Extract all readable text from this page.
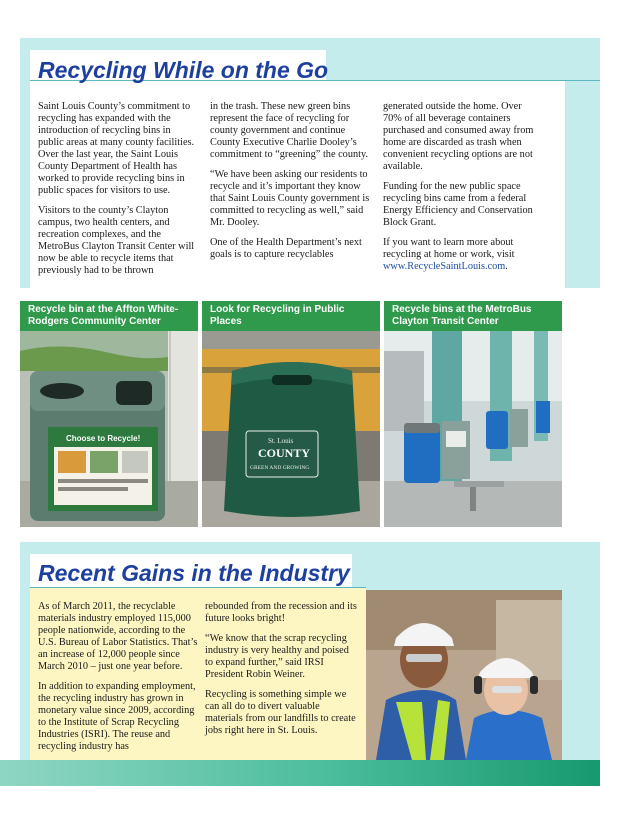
Recycling While on the Go

Saint Louis County’s commitment to recycling has expanded with the introduction of recycling bins in public areas at many county facilities. Over the last year, the Saint Louis County Department of Health has worked to provide recycling bins in public spaces for visitors to use.

Visitors to the county’s Clayton campus, two health centers, and recreation complexes, and the MetroBus Clayton Transit Center will now be able to recycle items that previously had to be thrown

in the trash. These new green bins represent the face of recycling for county government and continue County Executive Charlie Dooley’s commitment to “greening” the county.

“We have been asking our residents to recycle and it’s important they know that Saint Louis County government is committed to recycling as well,” said Mr. Dooley.

One of the Health Department’s next goals is to capture recyclables

generated outside the home. Over 70% of all beverage containers purchased and consumed away from home are discarded as trash when convenient recycling options are not available.

Funding for the new public space recycling bins came from a federal Energy Efficiency and Conservation Block Grant.

If you want to learn more about recycling at home or work, visit www.RecycleSaintLouis.com.

Recycle bin at the Affton White-Rodgers Community Center
Look for Recycling in Public Places
Recycle bins at the MetroBus Clayton Transit Center
Choose to Recycle!	St. Louis
COUNTY
GREEN AND GROWING
Recent Gains in the Industry

As of March 2011, the recyclable materials industry employed 115,000 people nationwide, according to the U.S. Bureau of Labor Statistics. That’s an increase of 12,000 people since March 2010 – just one year before.

In addition to expanding employment, the recycling industry has grown in monetary value since 2009, according to the Institute of Scrap Recycling Industries (ISRI). The reuse and recycling industry has

rebounded from the recession and its future looks bright!

“We know that the scrap recycling industry is very healthy and poised to expand further,” said IRSI President Robin Weiner.

Recycling is something simple we can all do to divert valuable materials from our landfills to create jobs right here in St. Louis.
